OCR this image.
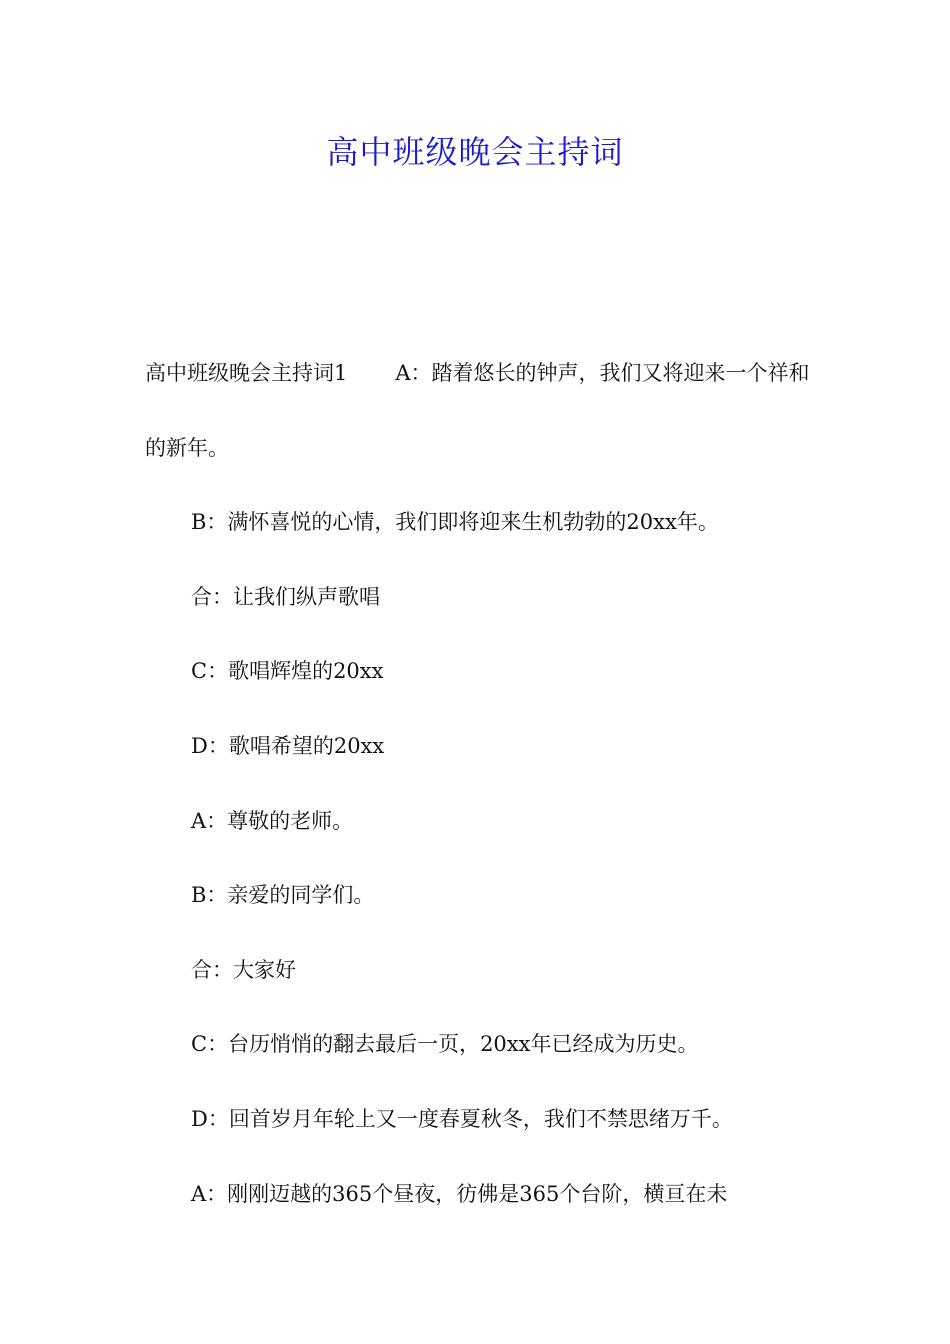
高中班级晚会主持词

高中班级晚会主持词1 A：踏着悠长的钟声，我们又将迎来一个祥和的新年。

B：满怀喜悦的心情，我们即将迎来生机勃勃的20xx年。

合：让我们纵声歌唱

C：歌唱辉煌的20xx

D：歌唱希望的20xx

A：尊敬的老师。

B：亲爱的同学们。

合：大家好

C：台历悄悄的翻去最后一页，20xx年已经成为历史。

D：回首岁月年轮上又一度春夏秋冬，我们不禁思绪万千。

A：刚刚迈越的365个昼夜，彷佛是365个台阶，横亘在未
